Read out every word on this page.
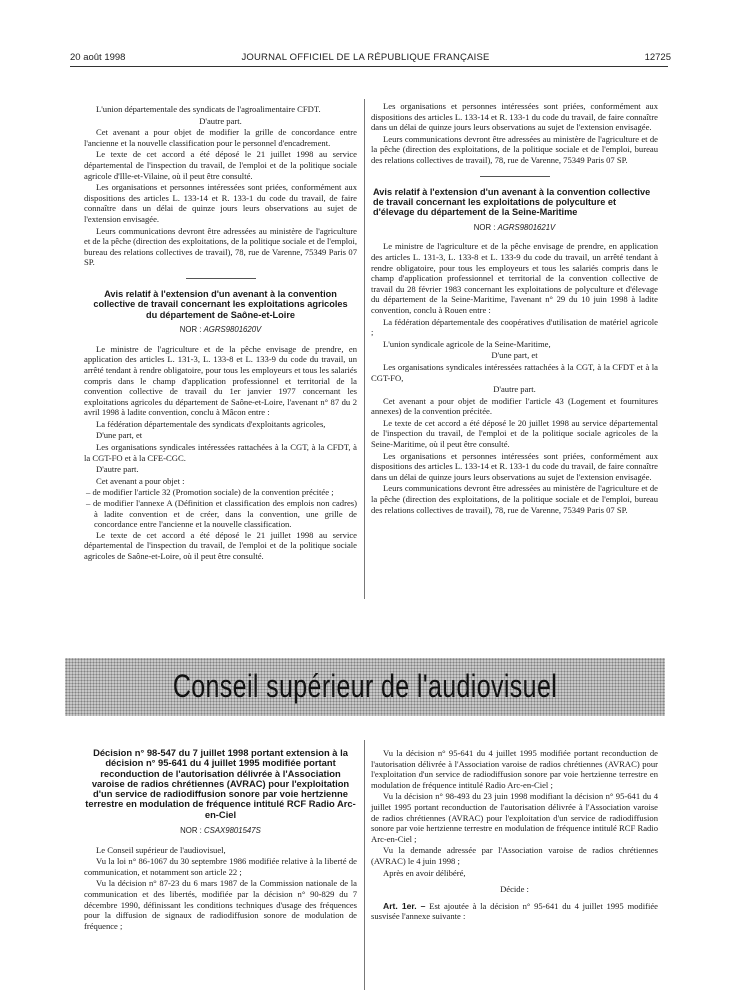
20 août 1998	JOURNAL OFFICIEL DE LA RÉPUBLIQUE FRANÇAISE	12725

L'union départementale des syndicats de l'agroalimentaire CFDT.

D'autre part.

Cet avenant a pour objet de modifier la grille de concordance entre l'ancienne et la nouvelle classification pour le personnel d'encadrement.

Le texte de cet accord a été déposé le 21 juillet 1998 au service départemental de l'inspection du travail, de l'emploi et de la politique sociale agricole d'Ille-et-Vilaine, où il peut être consulté.

Les organisations et personnes intéressées sont priées, conformément aux dispositions des articles L. 133-14 et R. 133-1 du code du travail, de faire connaître dans un délai de quinze jours leurs observations au sujet de l'extension envisagée.

Leurs communications devront être adressées au ministère de l'agriculture et de la pêche (direction des exploitations, de la politique sociale et de l'emploi, bureau des relations collectives de travail), 78, rue de Varenne, 75349 Paris 07 SP.

Avis relatif à l'extension d'un avenant à la convention collective de travail concernant les exploitations agricoles du département de Saône-et-Loire
NOR : AGRS9801620V

Le ministre de l'agriculture et de la pêche envisage de prendre, en application des articles L. 131-3, L. 133-8 et L. 133-9 du code du travail, un arrêté tendant à rendre obligatoire, pour tous les employeurs et tous les salariés compris dans le champ d'application professionnel et territorial de la convention collective de travail du 1er janvier 1977 concernant les exploitations agricoles du département de Saône-et-Loire, l'avenant n° 87 du 2 avril 1998 à ladite convention, conclu à Mâcon entre :

La fédération départementale des syndicats d'exploitants agricoles,

D'une part, et

Les organisations syndicales intéressées rattachées à la CGT, à la CFDT, à la CGT-FO et à la CFE-CGC.

D'autre part.

Cet avenant a pour objet :

– de modifier l'article 32 (Promotion sociale) de la convention précitée ;
– de modifier l'annexe A (Définition et classification des emplois non cadres) à ladite convention et de créer, dans la convention, une grille de concordance entre l'ancienne et la nouvelle classification.

Le texte de cet accord a été déposé le 21 juillet 1998 au service départemental de l'inspection du travail, de l'emploi et de la politique sociale agricoles de Saône-et-Loire, où il peut être consulté.

Les organisations et personnes intéressées sont priées, conformément aux dispositions des articles L. 133-14 et R. 133-1 du code du travail, de faire connaître dans un délai de quinze jours leurs observations au sujet de l'extension envisagée.

Leurs communications devront être adressées au ministère de l'agriculture et de la pêche (direction des exploitations, de la politique sociale et de l'emploi, bureau des relations collectives de travail), 78, rue de Varenne, 75349 Paris 07 SP.

Avis relatif à l'extension d'un avenant à la convention collective de travail concernant les exploitations de polyculture et d'élevage du département de la Seine-Maritime
NOR : AGRS9801621V

Le ministre de l'agriculture et de la pêche envisage de prendre, en application des articles L. 131-3, L. 133-8 et L. 133-9 du code du travail, un arrêté tendant à rendre obligatoire, pour tous les employeurs et tous les salariés compris dans le champ d'application professionnel et territorial de la convention collective de travail du 28 février 1983 concernant les exploitations de polyculture et d'élevage du département de la Seine-Maritime, l'avenant n° 29 du 10 juin 1998 à ladite convention, conclu à Rouen entre :

La fédération départementale des coopératives d'utilisation de matériel agricole ;

L'union syndicale agricole de la Seine-Maritime,

D'une part, et

Les organisations syndicales intéressées rattachées à la CGT, à la CFDT et à la CGT-FO,

D'autre part.

Cet avenant a pour objet de modifier l'article 43 (Logement et fournitures annexes) de la convention précitée.

Le texte de cet accord a été déposé le 20 juillet 1998 au service départemental de l'inspection du travail, de l'emploi et de la politique sociale agricoles de la Seine-Maritime, où il peut être consulté.

Les organisations et personnes intéressées sont priées, conformément aux dispositions des articles L. 133-14 et R. 133-1 du code du travail, de faire connaître dans un délai de quinze jours leurs observations au sujet de l'extension envisagée.

Leurs communications devront être adressées au ministère de l'agriculture et de la pêche (direction des exploitations, de la politique sociale et de l'emploi, bureau des relations collectives de travail), 78, rue de Varenne, 75349 Paris 07 SP.

Conseil supérieur de l'audiovisuel
Décision n° 98-547 du 7 juillet 1998 portant extension à la décision n° 95-641 du 4 juillet 1995 modifiée portant reconduction de l'autorisation délivrée à l'Association varoise de radios chrétiennes (AVRAC) pour l'exploitation d'un service de radiodiffusion sonore par voie hertzienne terrestre en modulation de fréquence intitulé RCF Radio Arc-en-Ciel
NOR : CSAX9801547S

Le Conseil supérieur de l'audiovisuel,

Vu la loi n° 86-1067 du 30 septembre 1986 modifiée relative à la liberté de communication, et notamment son article 22 ;

Vu la décision n° 87-23 du 6 mars 1987 de la Commission nationale de la communication et des libertés, modifiée par la décision n° 90-829 du 7 décembre 1990, définissant les conditions techniques d'usage des fréquences pour la diffusion de signaux de radiodiffusion sonore de modulation de fréquence ;

Vu la décision n° 95-641 du 4 juillet 1995 modifiée portant reconduction de l'autorisation délivrée à l'Association varoise de radios chrétiennes (AVRAC) pour l'exploitation d'un service de radiodiffusion sonore par voie hertzienne terrestre en modulation de fréquence intitulé Radio Arc-en-Ciel ;

Vu la décision n° 98-493 du 23 juin 1998 modifiant la décision n° 95-641 du 4 juillet 1995 portant reconduction de l'autorisation délivrée à l'Association varoise de radios chrétiennes (AVRAC) pour l'exploitation d'un service de radiodiffusion sonore par voie hertzienne terrestre en modulation de fréquence intitulé RCF Radio Arc-en-Ciel ;

Vu la demande adressée par l'Association varoise de radios chrétiennes (AVRAC) le 4 juin 1998 ;

Après en avoir délibéré,

Décide :

Art. 1er. – Est ajoutée à la décision n° 95-641 du 4 juillet 1995 modifiée susvisée l'annexe suivante :
